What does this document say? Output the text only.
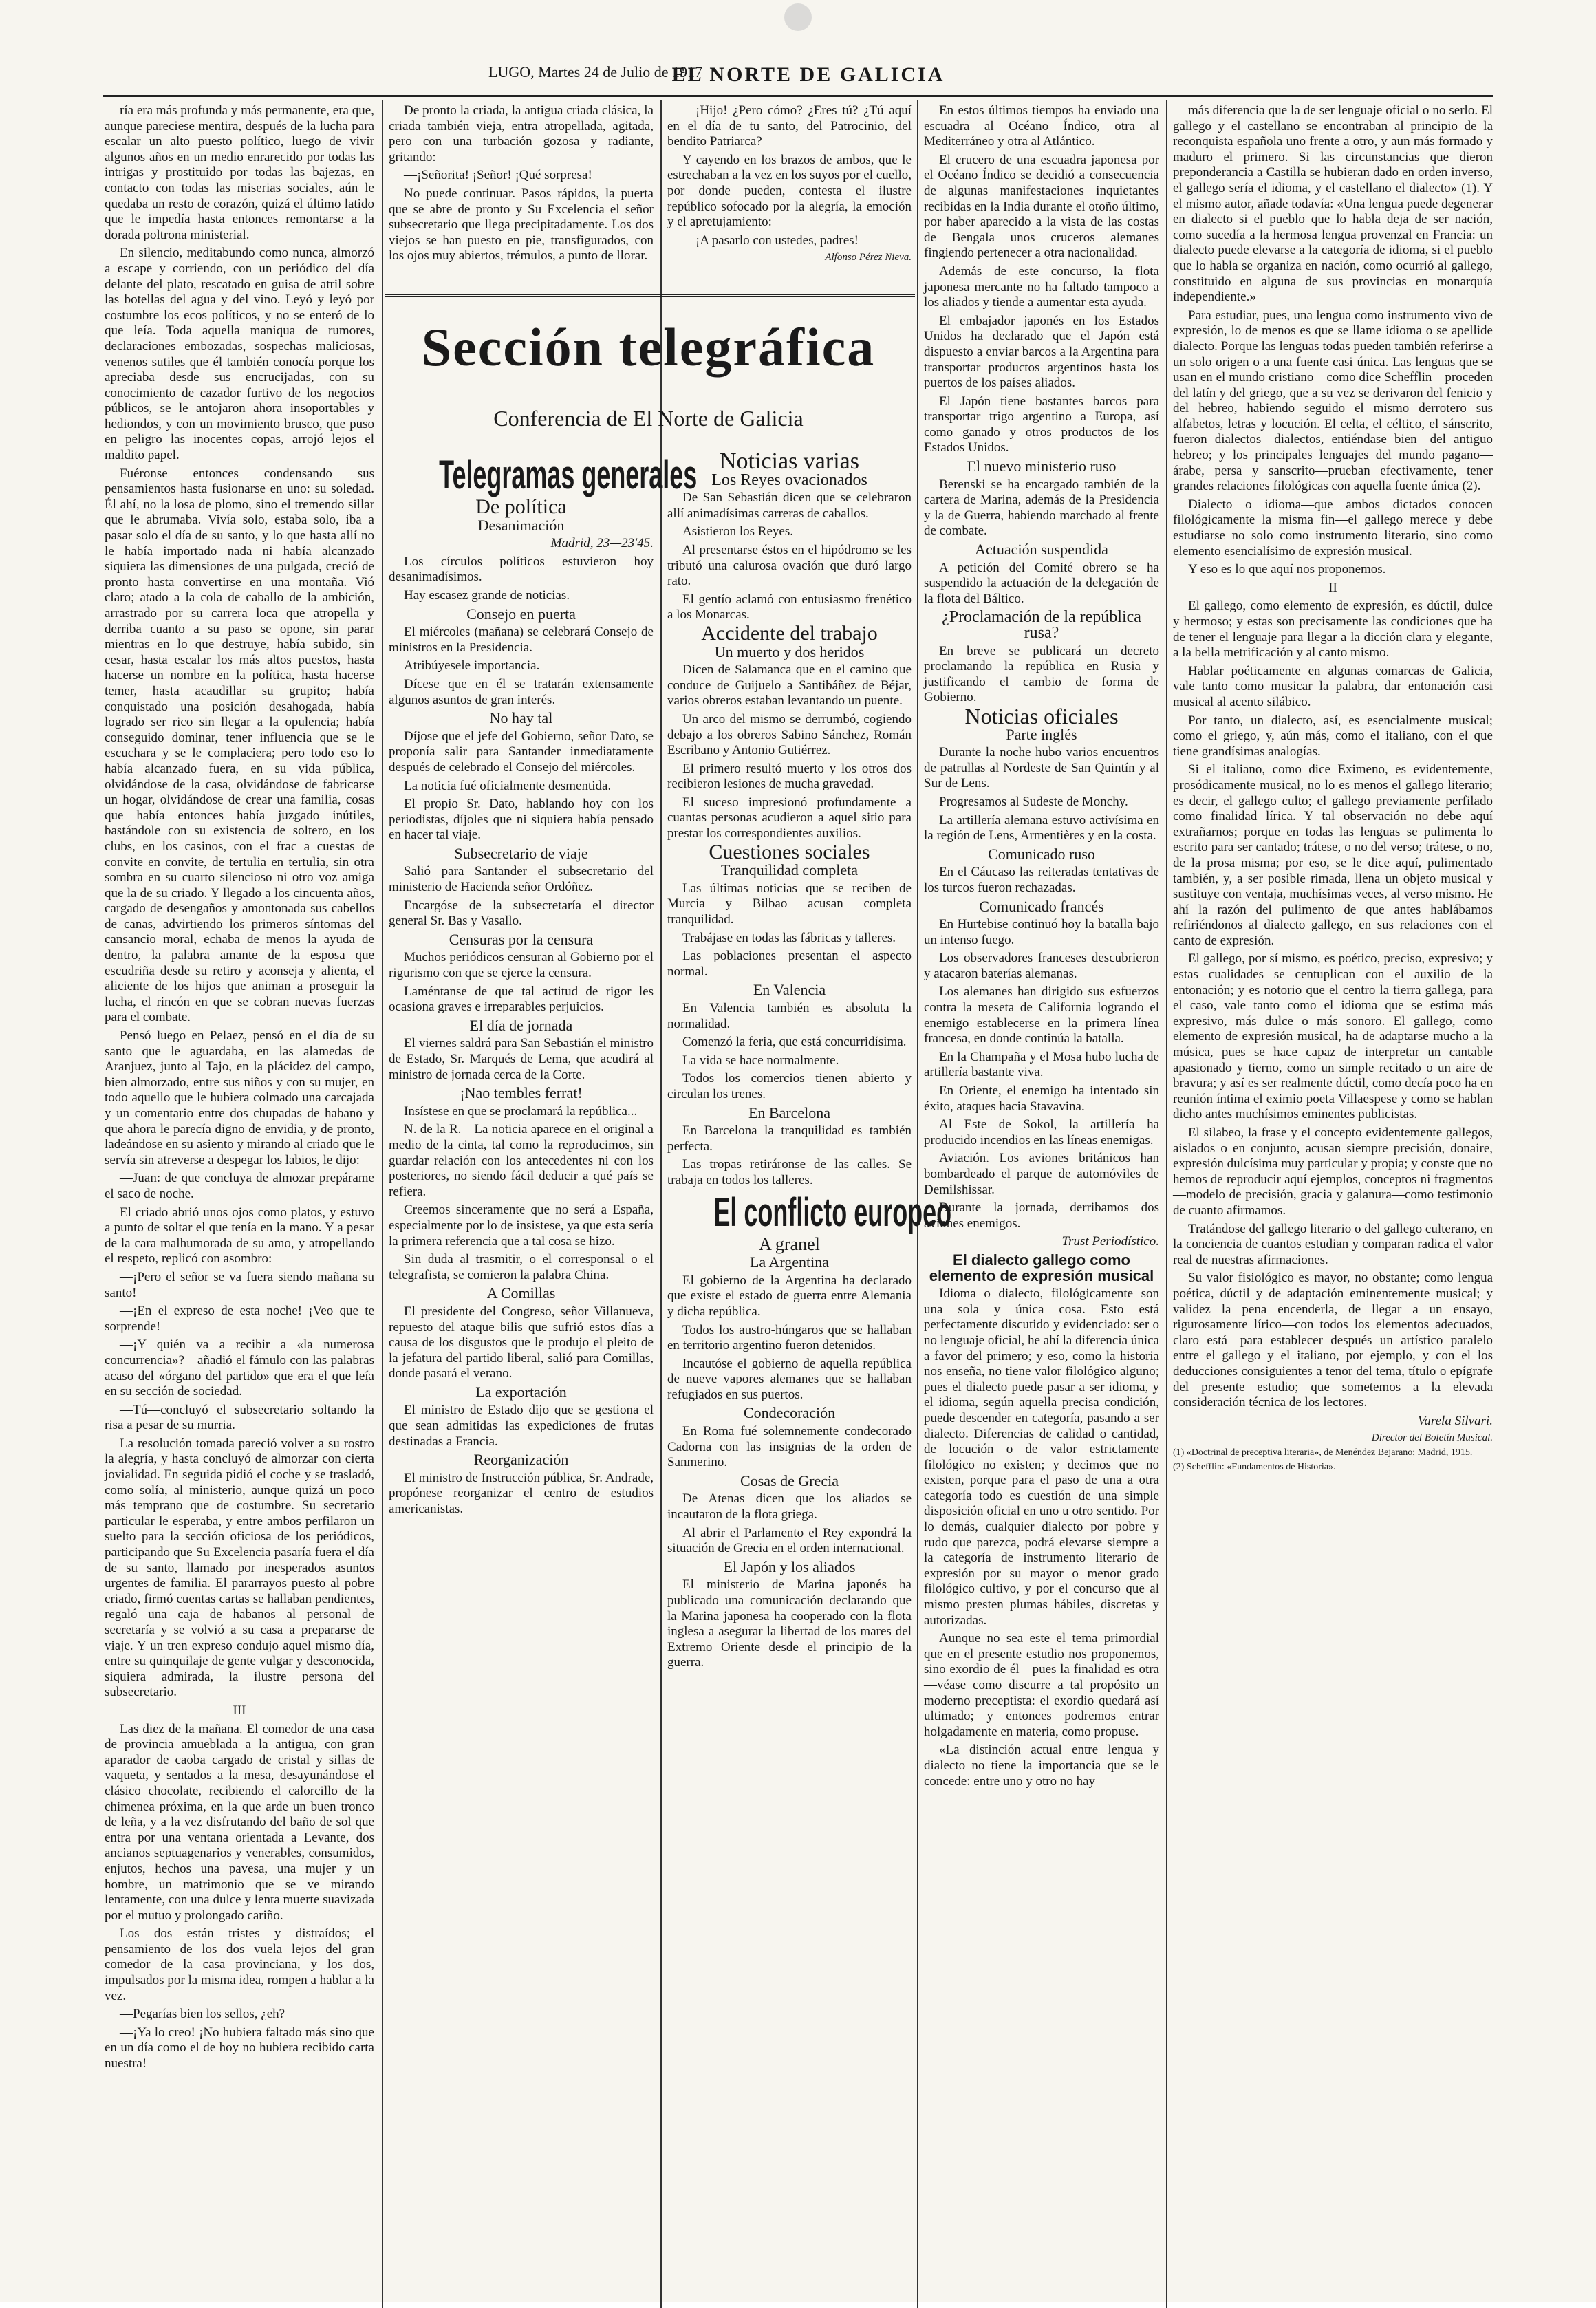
LUGO, Martes 24 de Julio de 1917
EL NORTE DE GALICIA

ría era más profunda y más permanente, era que, aunque pareciese mentira, después de la lucha para escalar un alto puesto político, luego de vivir algunos años en un medio enrarecido por todas las intrigas y prostituido por todas las bajezas, en contacto con todas las miserias sociales, aún le quedaba un resto de corazón, quizá el último latido que le impedía hasta entonces remontarse a la dorada poltrona ministerial.

En silencio, meditabundo como nunca, almorzó a escape y corriendo, con un periódico del día delante del plato, rescatado en guisa de atril sobre las botellas del agua y del vino. Leyó y leyó por costumbre los ecos políticos, y no se enteró de lo que leía. Toda aquella maniqua de rumores, declaraciones embozadas, sospechas maliciosas, venenos sutiles que él también conocía porque los apreciaba desde sus encrucijadas, con su conocimiento de cazador furtivo de los negocios públicos, se le antojaron ahora insoportables y hediondos, y con un movimiento brusco, que puso en peligro las inocentes copas, arrojó lejos el maldito papel.

Fuéronse entonces condensando sus pensamientos hasta fusionarse en uno: su soledad. Él ahí, no la losa de plomo, sino el tremendo sillar que le abrumaba. Vivía solo, estaba solo, iba a pasar solo el día de su santo, y lo que hasta allí no le había importado nada ni había alcanzado siquiera las dimensiones de una pulgada, creció de pronto hasta convertirse en una montaña. Vió claro; atado a la cola de caballo de la ambición, arrastrado por su carrera loca que atropella y derriba cuanto a su paso se opone, sin parar mientras en lo que destruye, había subido, sin cesar, hasta escalar los más altos puestos, hasta hacerse un nombre en la política, hasta hacerse temer, hasta acaudillar su grupito; había conquistado una posición desahogada, había logrado ser rico sin llegar a la opulencia; había conseguido dominar, tener influencia que se le escuchara y se le complaciera; pero todo eso lo había alcanzado fuera, en su vida pública, olvidándose de la casa, olvidándose de fabricarse un hogar, olvidándose de crear una familia, cosas que había entonces había juzgado inútiles, bastándole con su existencia de soltero, en los clubs, en los casinos, con el frac a cuestas de convite en convite, de tertulia en tertulia, sin otra sombra en su cuarto silencioso ni otro voz amiga que la de su criado. Y llegado a los cincuenta años, cargado de desengaños y amontonada sus cabellos de canas, advirtiendo los primeros síntomas del cansancio moral, echaba de menos la ayuda de dentro, la palabra amante de la esposa que escudriña desde su retiro y aconseja y alienta, el aliciente de los hijos que animan a proseguir la lucha, el rincón en que se cobran nuevas fuerzas para el combate.

Pensó luego en Pelaez, pensó en el día de su santo que le aguardaba, en las alamedas de Aranjuez, junto al Tajo, en la plácidez del campo, bien almorzado, entre sus niños y con su mujer, en todo aquello que le hubiera colmado una carcajada y un comentario entre dos chupadas de habano y que ahora le parecía digno de envidia, y de pronto, ladeándose en su asiento y mirando al criado que le servía sin atreverse a despegar los labios, le dijo:

—Juan: de que concluya de almozar prepárame el saco de noche.

El criado abrió unos ojos como platos, y estuvo a punto de soltar el que tenía en la mano. Y a pesar de la cara malhumorada de su amo, y atropellando el respeto, replicó con asombro:

—¡Pero el señor se va fuera siendo mañana su santo!

—¡En el expreso de esta noche! ¡Veo que te sorprende!

—¡Y quién va a recibir a «la numerosa concurrencia»?—añadió el fámulo con las palabras acaso del «órgano del partido» que era el que leía en su sección de sociedad.

—Tú—concluyó el subsecretario soltando la risa a pesar de su murria.

La resolución tomada pareció volver a su rostro la alegría, y hasta concluyó de almorzar con cierta jovialidad. En seguida pidió el coche y se trasladó, como solía, al ministerio, aunque quizá un poco más temprano que de costumbre. Su secretario particular le esperaba, y entre ambos perfilaron un suelto para la sección oficiosa de los periódicos, participando que Su Excelencia pasaría fuera el día de su santo, llamado por inesperados asuntos urgentes de familia. El pararrayos puesto al pobre criado, firmó cuentas cartas se hallaban pendientes, regaló una caja de habanos al personal de secretaría y se volvió a su casa a prepararse de viaje. Y un tren expreso condujo aquel mismo día, entre su quinquilaje de gente vulgar y desconocida, siquiera admirada, la ilustre persona del subsecretario.

III

Las diez de la mañana. El comedor de una casa de provincia amueblada a la antigua, con gran aparador de caoba cargado de cristal y sillas de vaqueta, y sentados a la mesa, desayunándose el clásico chocolate, recibiendo el calorcillo de la chimenea próxima, en la que arde un buen tronco de leña, y a la vez disfrutando del baño de sol que entra por una ventana orientada a Levante, dos ancianos septuagenarios y venerables, consumidos, enjutos, hechos una pavesa, una mujer y un hombre, un matrimonio que se ve mirando lentamente, con una dulce y lenta muerte suavizada por el mutuo y prolongado cariño.

Los dos están tristes y distraídos; el pensamiento de los dos vuela lejos del gran comedor de la casa provinciana, y los dos, impulsados por la misma idea, rompen a hablar a la vez.

—Pegarías bien los sellos, ¿eh?

—¡Ya lo creo! ¡No hubiera faltado más sino que en un día como el de hoy no hubiera recibido carta nuestra!

De pronto la criada, la antigua criada clásica, la criada también vieja, entra atropellada, agitada, pero con una turbación gozosa y radiante, gritando:

—¡Señorita! ¡Señor! ¡Qué sorpresa!

No puede continuar. Pasos rápidos, la puerta que se abre de pronto y Su Excelencia el señor subsecretario que llega precipitadamente. Los dos viejos se han puesto en pie, transfigurados, con los ojos muy abiertos, trémulos, a punto de llorar.

—¡Hijo! ¿Pero cómo? ¿Eres tú? ¿Tú aquí en el día de tu santo, del Patrocinio, del bendito Patriarca?

Y cayendo en los brazos de ambos, que le estrechaban a la vez en los suyos por el cuello, por donde pueden, contesta el ilustre repúblico sofocado por la alegría, la emoción y el apretujamiento:

—¡A pasarlo con ustedes, padres!

Alfonso Pérez Nieva.

En estos últimos tiempos ha enviado una escuadra al Océano Índico, otra al Mediterráneo y otra al Atlántico.

El crucero de una escuadra japonesa por el Océano Índico se decidió a consecuencia de algunas manifestaciones inquietantes recibidas en la India durante el otoño último, por haber aparecido a la vista de las costas de Bengala unos cruceros alemanes fingiendo pertenecer a otra nacionalidad.

Además de este concurso, la flota japonesa mercante no ha faltado tampoco a los aliados y tiende a aumentar esta ayuda.

El embajador japonés en los Estados Unidos ha declarado que el Japón está dispuesto a enviar barcos a la Argentina para transportar productos argentinos hasta los puertos de los países aliados.

El Japón tiene bastantes barcos para transportar trigo argentino a Europa, así como ganado y otros productos de los Estados Unidos.

El nuevo ministerio ruso

Berenski se ha encargado también de la cartera de Marina, además de la Presidencia y la de Guerra, habiendo marchado al frente de combate.

Actuación suspendida

A petición del Comité obrero se ha suspendido la actuación de la delegación de la flota del Báltico.

¿Proclamación de la república rusa?

En breve se publicará un decreto proclamando la república en Rusia y justificando el cambio de forma de Gobierno.

Noticias oficiales

Parte inglés

Durante la noche hubo varios encuentros de patrullas al Nordeste de San Quintín y al Sur de Lens.

Progresamos al Sudeste de Monchy.

La artillería alemana estuvo activísima en la región de Lens, Armentières y en la costa.

Comunicado ruso

En el Cáucaso las reiteradas tentativas de los turcos fueron rechazadas.

Comunicado francés

En Hurtebise continuó hoy la batalla bajo un intenso fuego.

Los observadores franceses descubrieron y atacaron baterías alemanas.

Los alemanes han dirigido sus esfuerzos contra la meseta de California logrando el enemigo establecerse en la primera línea francesa, en donde continúa la batalla.

En la Champaña y el Mosa hubo lucha de artillería bastante viva.

En Oriente, el enemigo ha intentado sin éxito, ataques hacia Stavavina.

Al Este de Sokol, la artillería ha producido incendios en las líneas enemigas.

Aviación. Los aviones británicos han bombardeado el parque de automóviles de Demilshissar.

Durante la jornada, derribamos dos aviones enemigos.

Trust Periodístico.

El dialecto gallego como elemento de expresión musical

Idioma o dialecto, filológicamente son una sola y única cosa. Esto está perfectamente discutido y evidenciado: ser o no lenguaje oficial, he ahí la diferencia única a favor del primero; y eso, como la historia nos enseña, no tiene valor filológico alguno; pues el dialecto puede pasar a ser idioma, y el idioma, según aquella precisa condición, puede descender en categoría, pasando a ser dialecto. Diferencias de calidad o cantidad, de locución o de valor estrictamente filológico no existen; y decimos que no existen, porque para el paso de una a otra categoría todo es cuestión de una simple disposición oficial en uno u otro sentido. Por lo demás, cualquier dialecto por pobre y rudo que parezca, podrá elevarse siempre a la categoría de instrumento literario de expresión por su mayor o menor grado filológico cultivo, y por el concurso que al mismo presten plumas hábiles, discretas y autorizadas.

Aunque no sea este el tema primordial que en el presente estudio nos proponemos, sino exordio de él—pues la finalidad es otra—véase como discurre a tal propósito un moderno preceptista: el exordio quedará así ultimado; y entonces podremos entrar holgadamente en materia, como propuse.

«La distinción actual entre lengua y dialecto no tiene la importancia que se le concede: entre uno y otro no hay

Sección telegráfica
Conferencia de El Norte de Galicia

Telegramas generales

De política

Desanimación

Madrid, 23—23'45.

Los círculos políticos estuvieron hoy desanimadísimos.

Hay escasez grande de noticias.

Consejo en puerta

El miércoles (mañana) se celebrará Consejo de ministros en la Presidencia.

Atribúyesele importancia.

Dícese que en él se tratarán extensamente algunos asuntos de gran interés.

No hay tal

Díjose que el jefe del Gobierno, señor Dato, se proponía salir para Santander inmediatamente después de celebrado el Consejo del miércoles.

La noticia fué oficialmente desmentida.

El propio Sr. Dato, hablando hoy con los periodistas, díjoles que ni siquiera había pensado en hacer tal viaje.

Subsecretario de viaje

Salió para Santander el subsecretario del ministerio de Hacienda señor Ordóñez.

Encargóse de la subsecretaría el director general Sr. Bas y Vasallo.

Censuras por la censura

Muchos periódicos censuran al Gobierno por el rigurismo con que se ejerce la censura.

Laméntanse de que tal actitud de rigor les ocasiona graves e irreparables perjuicios.

El día de jornada

El viernes saldrá para San Sebastián el ministro de Estado, Sr. Marqués de Lema, que acudirá al ministro de jornada cerca de la Corte.

¡Nao tembles ferrat!

Insístese en que se proclamará la república...

N. de la R.—La noticia aparece en el original a medio de la cinta, tal como la reproducimos, sin guardar relación con los antecedentes ni con los posteriores, no siendo fácil deducir a qué país se refiera.

Creemos sinceramente que no será a España, especialmente por lo de insistese, ya que esta sería la primera referencia que a tal cosa se hizo.

Sin duda al trasmitir, o el corresponsal o el telegrafista, se comieron la palabra China.

A Comillas

El presidente del Congreso, señor Villanueva, repuesto del ataque bilis que sufrió estos días a causa de los disgustos que le produjo el pleito de la jefatura del partido liberal, salió para Comillas, donde pasará el verano.

La exportación

El ministro de Estado dijo que se gestiona el que sean admitidas las expediciones de frutas destinadas a Francia.

Reorganización

El ministro de Instrucción pública, Sr. Andrade, propónese reorganizar el centro de estudios americanistas.

Noticias varias

Los Reyes ovacionados

De San Sebastián dicen que se celebraron allí animadísimas carreras de caballos.

Asistieron los Reyes.

Al presentarse éstos en el hipódromo se les tributó una calurosa ovación que duró largo rato.

El gentío aclamó con entusiasmo frenético a los Monarcas.

Accidente del trabajo

Un muerto y dos heridos

Dicen de Salamanca que en el camino que conduce de Guijuelo a Santibáñez de Béjar, varios obreros estaban levantando un puente.

Un arco del mismo se derrumbó, cogiendo debajo a los obreros Sabino Sánchez, Román Escribano y Antonio Gutiérrez.

El primero resultó muerto y los otros dos recibieron lesiones de mucha gravedad.

El suceso impresionó profundamente a cuantas personas acudieron a aquel sitio para prestar los correspondientes auxilios.

Cuestiones sociales

Tranquilidad completa

Las últimas noticias que se reciben de Murcia y Bilbao acusan completa tranquilidad.

Trabájase en todas las fábricas y talleres.

Las poblaciones presentan el aspecto normal.

En Valencia

En Valencia también es absoluta la normalidad.

Comenzó la feria, que está concurridísima.

La vida se hace normalmente.

Todos los comercios tienen abierto y circulan los trenes.

En Barcelona

En Barcelona la tranquilidad es también perfecta.

Las tropas retiráronse de las calles. Se trabaja en todos los talleres.

El conflicto europeo

A granel

La Argentina

El gobierno de la Argentina ha declarado que existe el estado de guerra entre Alemania y dicha república.

Todos los austro-húngaros que se hallaban en territorio argentino fueron detenidos.

Incautóse el gobierno de aquella república de nueve vapores alemanes que se hallaban refugiados en sus puertos.

Condecoración

En Roma fué solemnemente condecorado Cadorna con las insignias de la orden de Sanmerino.

Cosas de Grecia

De Atenas dicen que los aliados se incautaron de la flota griega.

Al abrir el Parlamento el Rey expondrá la situación de Grecia en el orden internacional.

El Japón y los aliados

El ministerio de Marina japonés ha publicado una comunicación declarando que la Marina japonesa ha cooperado con la flota inglesa a asegurar la libertad de los mares del Extremo Oriente desde el principio de la guerra.

más diferencia que la de ser lenguaje oficial o no serlo. El gallego y el castellano se encontraban al principio de la reconquista española uno frente a otro, y aun más formado y maduro el primero. Si las circunstancias que dieron preponderancia a Castilla se hubieran dado en orden inverso, el gallego sería el idioma, y el castellano el dialecto» (1). Y el mismo autor, añade todavía: «Una lengua puede degenerar en dialecto si el pueblo que lo habla deja de ser nación, como sucedía a la hermosa lengua provenzal en Francia: un dialecto puede elevarse a la categoría de idioma, si el pueblo que lo habla se organiza en nación, como ocurrió al gallego, constituido en alguna de sus provincias en monarquía independiente.»

Para estudiar, pues, una lengua como instrumento vivo de expresión, lo de menos es que se llame idioma o se apellide dialecto. Porque las lenguas todas pueden también referirse a un solo origen o a una fuente casi única. Las lenguas que se usan en el mundo cristiano—como dice Schefflin—proceden del latín y del griego, que a su vez se derivaron del fenicio y del hebreo, habiendo seguido el mismo derrotero sus alfabetos, letras y locución. El celta, el céltico, el sánscrito, fueron dialectos—dialectos, entiéndase bien—del antiguo hebreo; y los principales lenguajes del mundo pagano—árabe, persa y sanscrito—prueban efectivamente, tener grandes relaciones filológicas con aquella fuente única (2).

Dialecto o idioma—que ambos dictados conocen filológicamente la misma fin—el gallego merece y debe estudiarse no solo como instrumento literario, sino como elemento esencialísimo de expresión musical.

Y eso es lo que aquí nos proponemos.

II

El gallego, como elemento de expresión, es dúctil, dulce y hermoso; y estas son precisamente las condiciones que ha de tener el lenguaje para llegar a la dicción clara y elegante, a la bella metrificación y al canto mismo.

Hablar poéticamente en algunas comarcas de Galicia, vale tanto como musicar la palabra, dar entonación casi musical al acento silábico.

Por tanto, un dialecto, así, es esencialmente musical; como el griego, y, aún más, como el italiano, con el que tiene grandísimas analogías.

Si el italiano, como dice Eximeno, es evidentemente, prosódicamente musical, no lo es menos el gallego literario; es decir, el gallego culto; el gallego previamente perfilado como finalidad lírica. Y tal observación no debe aquí extrañarnos; porque en todas las lenguas se pulimenta lo escrito para ser cantado; trátese, o no del verso; trátese, o no, de la prosa misma; por eso, se le dice aquí, pulimentado también, y, a ser posible rimada, llena un objeto musical y sustituye con ventaja, muchísimas veces, al verso mismo. He ahí la razón del pulimento de que antes hablábamos refiriéndonos al dialecto gallego, en sus relaciones con el canto de expresión.

El gallego, por sí mismo, es poético, preciso, expresivo; y estas cualidades se centuplican con el auxilio de la entonación; y es notorio que el centro la tierra gallega, para el caso, vale tanto como el idioma que se estima más expresivo, más dulce o más sonoro. El gallego, como elemento de expresión musical, ha de adaptarse mucho a la música, pues se hace capaz de interpretar un cantable apasionado y tierno, como un simple recitado o un aire de bravura; y así es ser realmente dúctil, como decía poco ha en reunión íntima el eximio poeta Villaespese y como se hablan dicho antes muchísimos eminentes publicistas.

El silabeo, la frase y el concepto evidentemente gallegos, aislados o en conjunto, acusan siempre precisión, donaire, expresión dulcísima muy particular y propia; y conste que no hemos de reproducir aquí ejemplos, conceptos ni fragmentos—modelo de precisión, gracia y galanura—como testimonio de cuanto afirmamos.

Tratándose del gallego literario o del gallego culterano, en la conciencia de cuantos estudian y comparan radica el valor real de nuestras afirmaciones.

Su valor fisiológico es mayor, no obstante; como lengua poética, dúctil y de adaptación eminentemente musical; y validez la pena encenderla, de llegar a un ensayo, rigurosamente lírico—con todos los elementos adecuados, claro está—para establecer después un artístico paralelo entre el gallego y el italiano, por ejemplo, y con el los deducciones consiguientes a tenor del tema, título o epígrafe del presente estudio; que sometemos a la elevada consideración técnica de los lectores.

Varela Silvari.

Director del Boletín Musical.

(1) «Doctrinal de preceptiva literaria», de Menéndez Bejarano; Madrid, 1915.

(2) Schefflin: «Fundamentos de Historia».
